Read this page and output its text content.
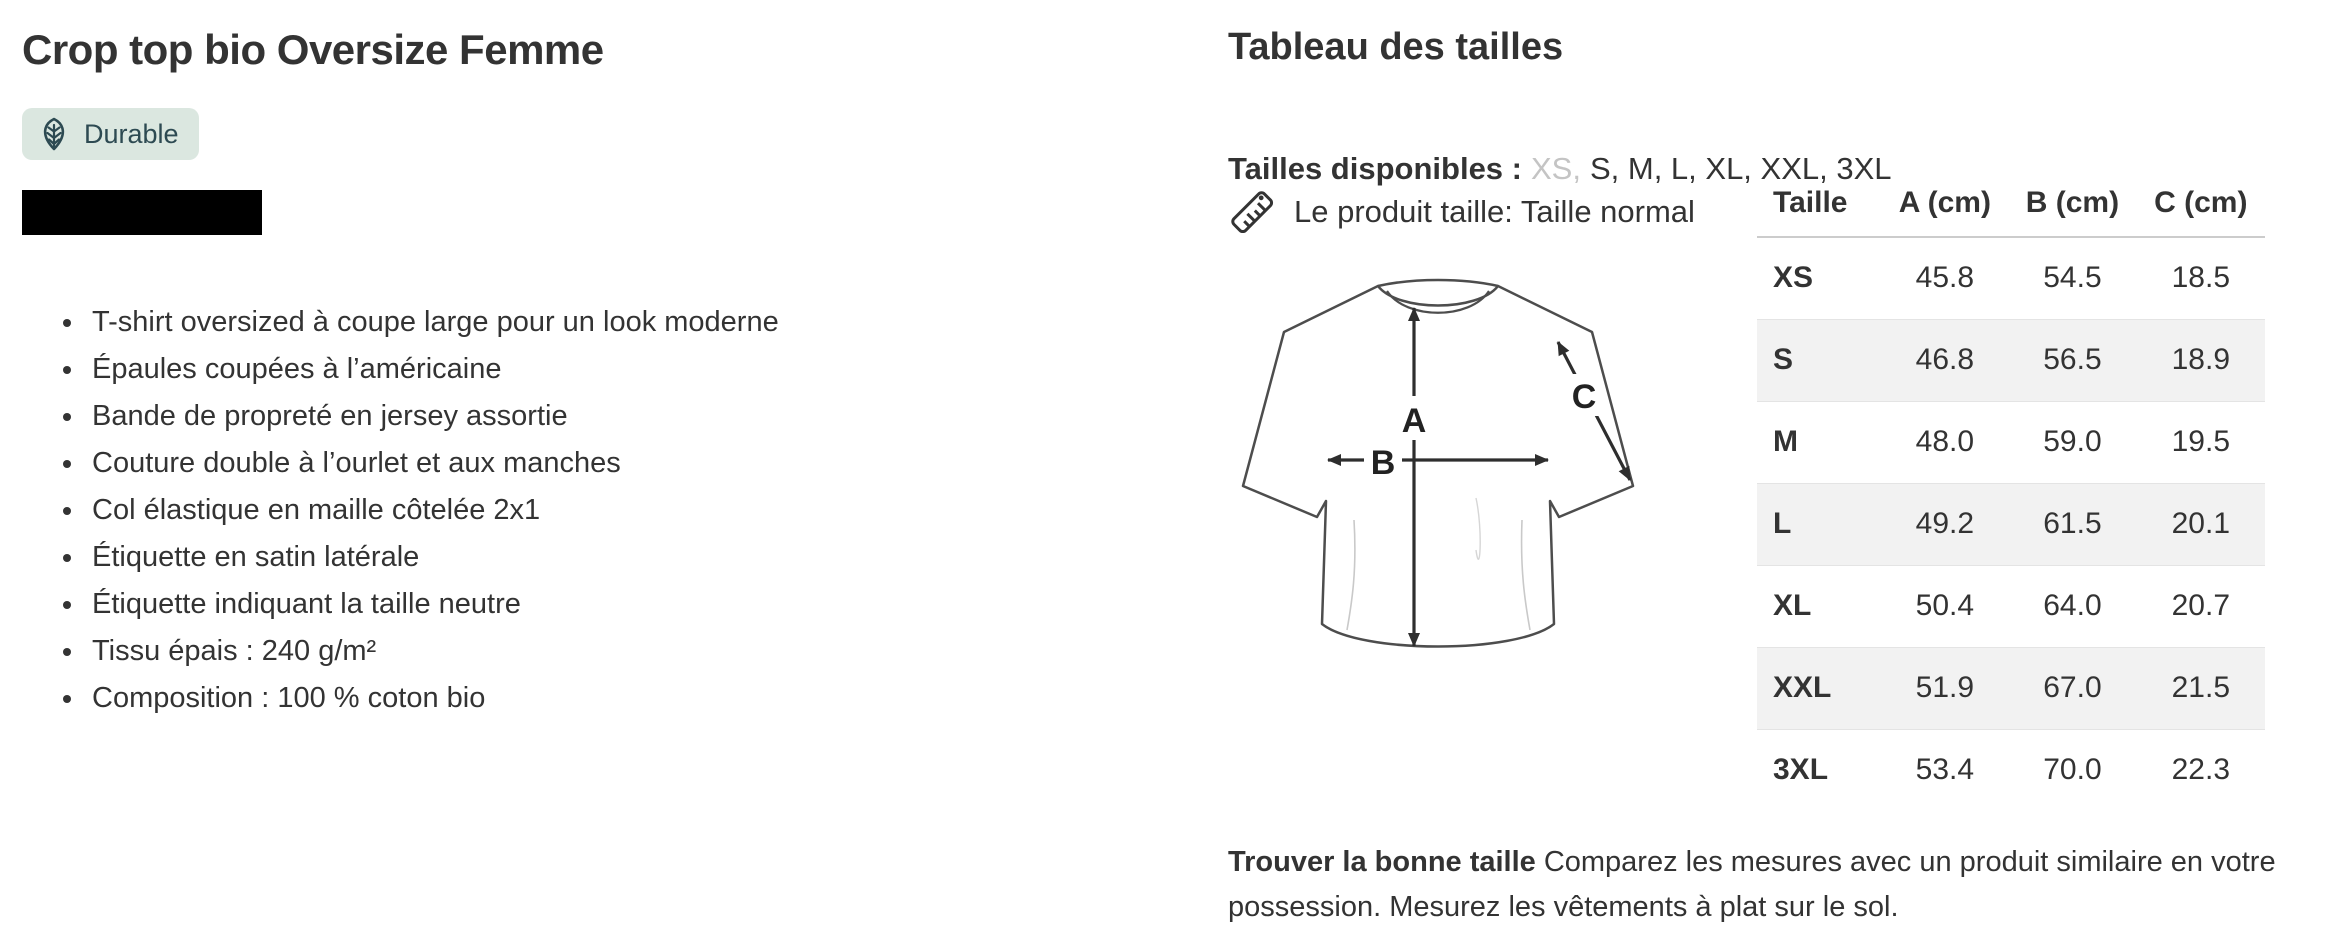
Crop top bio Oversize Femme
Durable
• T-shirt oversized à coupe large pour un look moderne
• Épaules coupées à l’américaine
• Bande de propreté en jersey assortie
• Couture double à l’ourlet et aux manches
• Col élastique en maille côtelée 2x1
• Étiquette en satin latérale
• Étiquette indiquant la taille neutre
• Tissu épais : 240 g/m²
• Composition : 100 % coton bio
Tableau des tailles

Tailles disponibles : XS, S, M, L, XL, XXL, 3XL

Le produit taille: Taille normal
A
B
C
Taille	A (cm)	B (cm)	C (cm)
XS	45.8	54.5	18.5
S	46.8	56.5	18.9
M	48.0	59.0	19.5
L	49.2	61.5	20.1
XL	50.4	64.0	20.7
XXL	51.9	67.0	21.5
3XL	53.4	70.0	22.3

Trouver la bonne taille Comparez les mesures avec un produit similaire en votre possession. Mesurez les vêtements à plat sur le sol.
